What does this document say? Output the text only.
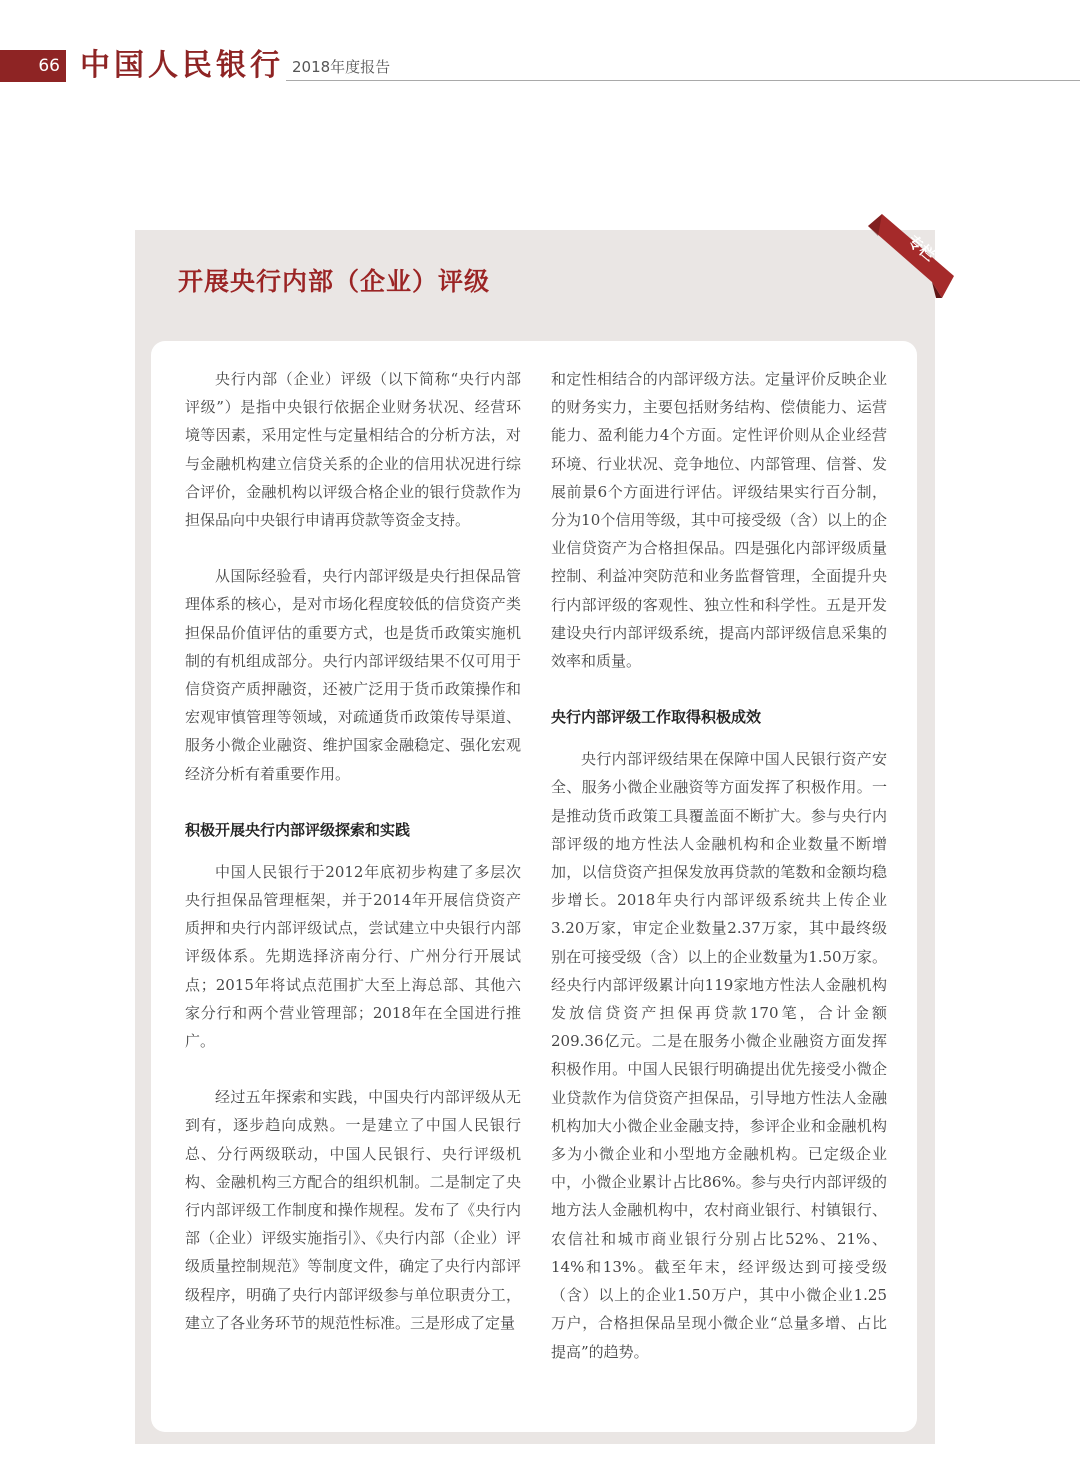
66 中国人民银行 2018年度报告
开展央行内部（企业）评级
专栏

央行内部（企业）评级（以下简称“央行内部评级”）是指中央银行依据企业财务状况、经营环境等因素，采用定性与定量相结合的分析方法，对与金融机构建立信贷关系的企业的信用状况进行综合评价，金融机构以评级合格企业的银行贷款作为担保品向中央银行申请再贷款等资金支持。

从国际经验看，央行内部评级是央行担保品管理体系的核心，是对市场化程度较低的信贷资产类担保品价值评估的重要方式，也是货币政策实施机制的有机组成部分。央行内部评级结果不仅可用于信贷资产质押融资，还被广泛用于货币政策操作和宏观审慎管理等领域，对疏通货币政策传导渠道、服务小微企业融资、维护国家金融稳定、强化宏观经济分析有着重要作用。

积极开展央行内部评级探索和实践

中国人民银行于2012年底初步构建了多层次央行担保品管理框架，并于2014年开展信贷资产质押和央行内部评级试点，尝试建立中央银行内部评级体系。先期选择济南分行、广州分行开展试点；2015年将试点范围扩大至上海总部、其他六家分行和两个营业管理部；2018年在全国进行推广。

经过五年探索和实践，中国央行内部评级从无到有，逐步趋向成熟。一是建立了中国人民银行总、分行两级联动，中国人民银行、央行评级机构、金融机构三方配合的组织机制。二是制定了央行内部评级工作制度和操作规程。发布了《央行内部（企业）评级实施指引》、《央行内部（企业）评级质量控制规范》等制度文件，确定了央行内部评级程序，明确了央行内部评级参与单位职责分工，建立了各业务环节的规范性标准。三是形成了定量

和定性相结合的内部评级方法。定量评价反映企业的财务实力，主要包括财务结构、偿债能力、运营能力、盈利能力4个方面。定性评价则从企业经营环境、行业状况、竞争地位、内部管理、信誉、发展前景6个方面进行评估。评级结果实行百分制，分为10个信用等级，其中可接受级（含）以上的企业信贷资产为合格担保品。四是强化内部评级质量控制、利益冲突防范和业务监督管理，全面提升央行内部评级的客观性、独立性和科学性。五是开发建设央行内部评级系统，提高内部评级信息采集的效率和质量。

央行内部评级工作取得积极成效

央行内部评级结果在保障中国人民银行资产安全、服务小微企业融资等方面发挥了积极作用。一是推动货币政策工具覆盖面不断扩大。参与央行内部评级的地方性法人金融机构和企业数量不断增加，以信贷资产担保发放再贷款的笔数和金额均稳步增长。2018年央行内部评级系统共上传企业3.20万家，审定企业数量2.37万家，其中最终级别在可接受级（含）以上的企业数量为1.50万家。经央行内部评级累计向119家地方性法人金融机构发放信贷资产担保再贷款170笔，合计金额209.36亿元。二是在服务小微企业融资方面发挥积极作用。中国人民银行明确提出优先接受小微企业贷款作为信贷资产担保品，引导地方性法人金融机构加大小微企业金融支持，参评企业和金融机构多为小微企业和小型地方金融机构。已定级企业中，小微企业累计占比86%。参与央行内部评级的地方法人金融机构中，农村商业银行、村镇银行、农信社和城市商业银行分别占比52%、21%、14%和13%。截至年末，经评级达到可接受级（含）以上的企业1.50万户，其中小微企业1.25万户，合格担保品呈现小微企业“总量多增、占比提高”的趋势。
